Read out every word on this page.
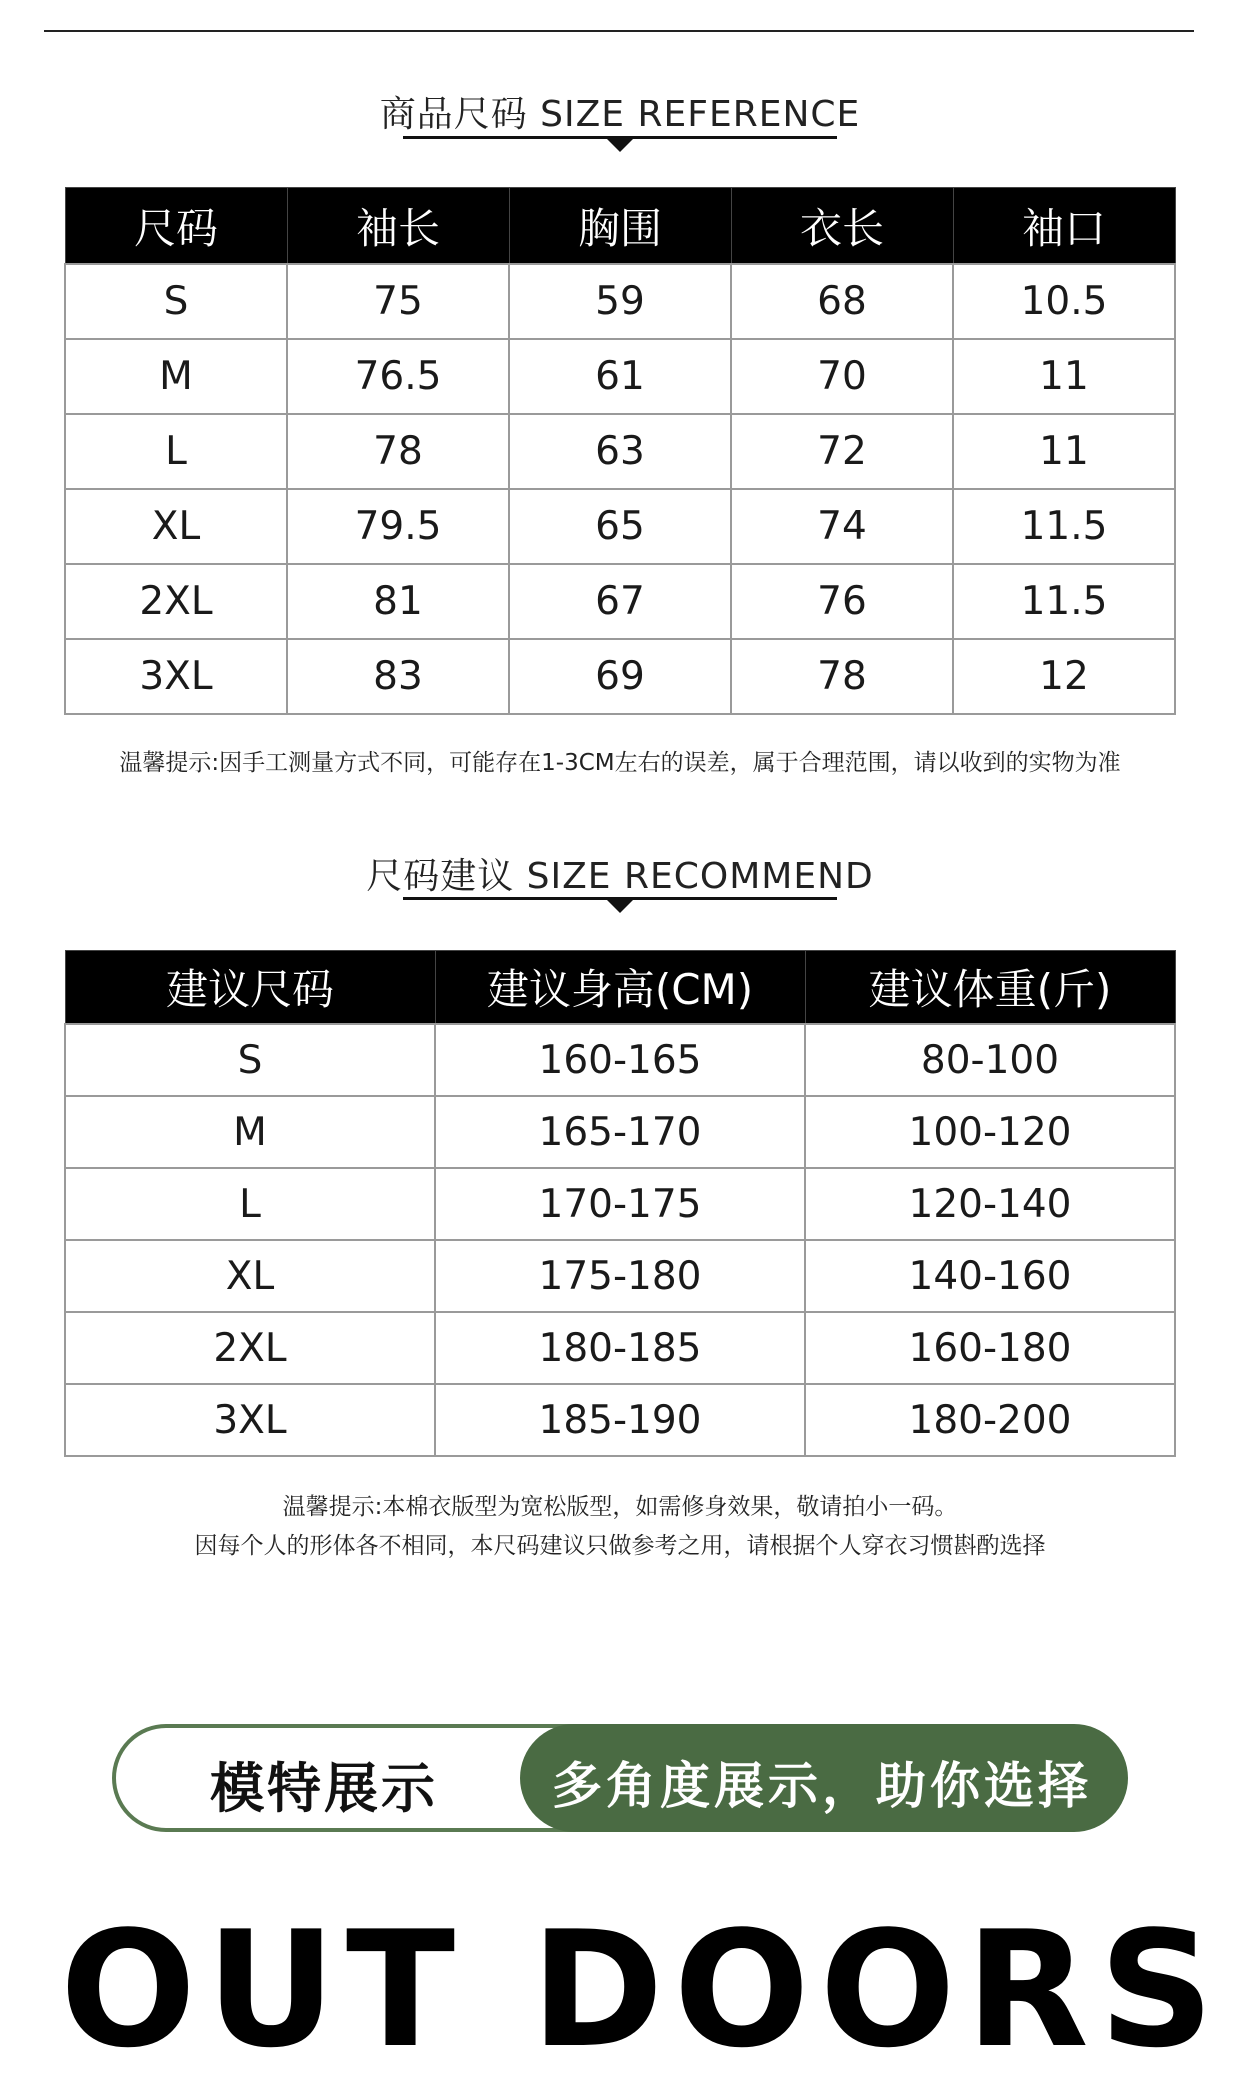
商品尺码 SIZE REFERENCE
尺码	袖长	胸围	衣长	袖口
S	75	59	68	10.5
M	76.5	61	70	11
L	78	63	72	11
XL	79.5	65	74	11.5
2XL	81	67	76	11.5
3XL	83	69	78	12
温馨提示:因手工测量方式不同，可能存在1-3CM左右的误差，属于合理范围，请以收到的实物为准
尺码建议 SIZE RECOMMEND
建议尺码	建议身高(CM)	建议体重(斤)
S	160-165	80-100
M	165-170	100-120
L	170-175	120-140
XL	175-180	140-160
2XL	180-185	160-180
3XL	185-190	180-200
温馨提示:本棉衣版型为宽松版型，如需修身效果，敬请拍小一码。
因每个人的形体各不相同，本尺码建议只做参考之用，请根据个人穿衣习惯斟酌选择
模特展示 多角度展示，助你选择
OUT DOORS
